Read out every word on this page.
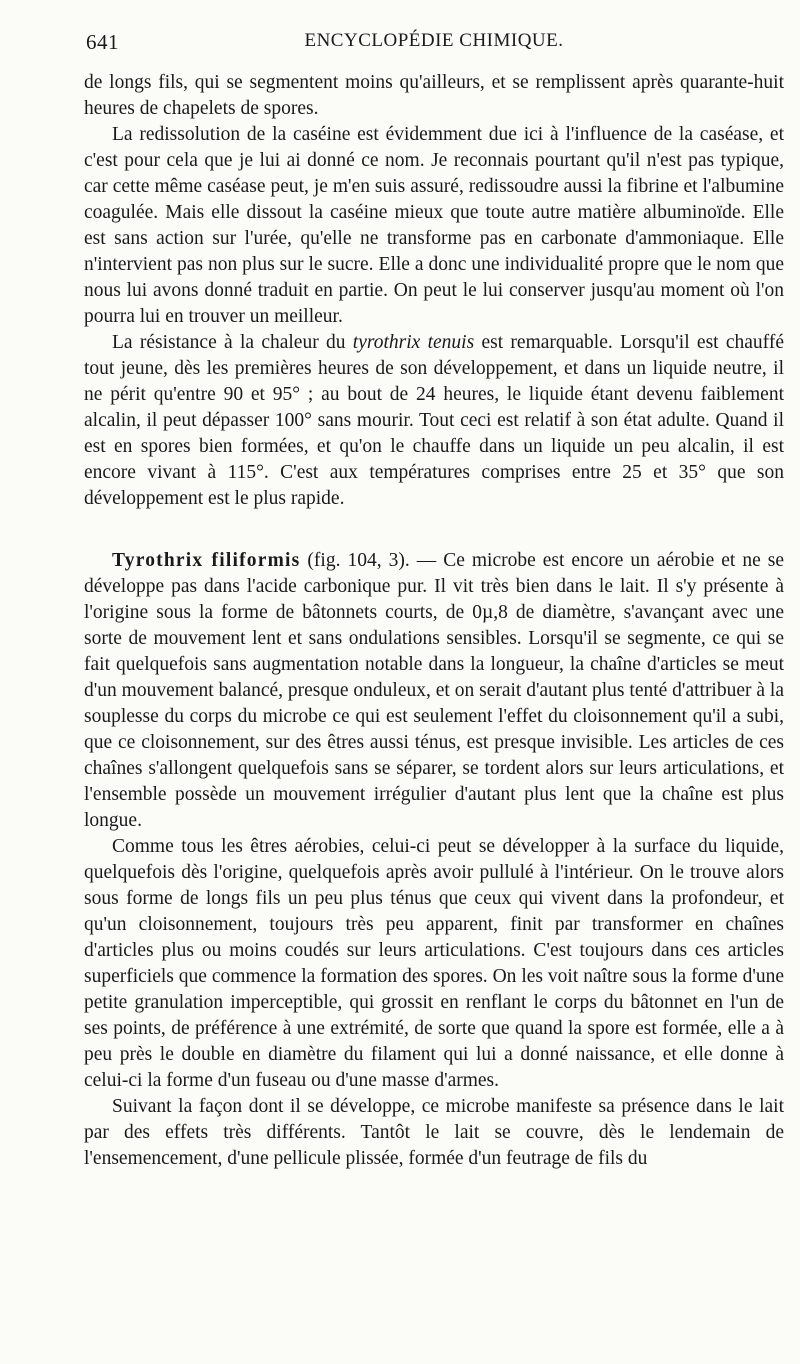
641	ENCYCLOPÉDIE CHIMIQUE.

de longs fils, qui se segmentent moins qu'ailleurs, et se remplissent après quarante-huit heures de chapelets de spores.

La redissolution de la caséine est évidemment due ici à l'influence de la caséase, et c'est pour cela que je lui ai donné ce nom. Je reconnais pourtant qu'il n'est pas typique, car cette même caséase peut, je m'en suis assuré, redissoudre aussi la fibrine et l'albumine coagulée. Mais elle dissout la caséine mieux que toute autre matière albuminoïde. Elle est sans action sur l'urée, qu'elle ne transforme pas en carbonate d'ammoniaque. Elle n'intervient pas non plus sur le sucre. Elle a donc une individualité propre que le nom que nous lui avons donné traduit en partie. On peut le lui conserver jusqu'au moment où l'on pourra lui en trouver un meilleur.

La résistance à la chaleur du tyrothrix tenuis est remarquable. Lorsqu'il est chauffé tout jeune, dès les premières heures de son développement, et dans un liquide neutre, il ne périt qu'entre 90 et 95° ; au bout de 24 heures, le liquide étant devenu faiblement alcalin, il peut dépasser 100° sans mourir. Tout ceci est relatif à son état adulte. Quand il est en spores bien formées, et qu'on le chauffe dans un liquide un peu alcalin, il est encore vivant à 115°. C'est aux températures comprises entre 25 et 35° que son développement est le plus rapide.

Tyrothrix filiformis (fig. 104, 3). — Ce microbe est encore un aérobie et ne se développe pas dans l'acide carbonique pur. Il vit très bien dans le lait. Il s'y présente à l'origine sous la forme de bâtonnets courts, de 0µ,8 de diamètre, s'avançant avec une sorte de mouvement lent et sans ondulations sensibles. Lorsqu'il se segmente, ce qui se fait quelquefois sans augmentation notable dans la longueur, la chaîne d'articles se meut d'un mouvement balancé, presque onduleux, et on serait d'autant plus tenté d'attribuer à la souplesse du corps du microbe ce qui est seulement l'effet du cloisonnement qu'il a subi, que ce cloisonnement, sur des êtres aussi ténus, est presque invisible. Les articles de ces chaînes s'allongent quelquefois sans se séparer, se tordent alors sur leurs articulations, et l'ensemble possède un mouvement irrégulier d'autant plus lent que la chaîne est plus longue.

Comme tous les êtres aérobies, celui-ci peut se développer à la surface du liquide, quelquefois dès l'origine, quelquefois après avoir pullulé à l'intérieur. On le trouve alors sous forme de longs fils un peu plus ténus que ceux qui vivent dans la profondeur, et qu'un cloisonnement, toujours très peu apparent, finit par transformer en chaînes d'articles plus ou moins coudés sur leurs articulations. C'est toujours dans ces articles superficiels que commence la formation des spores. On les voit naître sous la forme d'une petite granulation imperceptible, qui grossit en renflant le corps du bâtonnet en l'un de ses points, de préférence à une extrémité, de sorte que quand la spore est formée, elle a à peu près le double en diamètre du filament qui lui a donné naissance, et elle donne à celui-ci la forme d'un fuseau ou d'une masse d'armes.

Suivant la façon dont il se développe, ce microbe manifeste sa présence dans le lait par des effets très différents. Tantôt le lait se couvre, dès le lendemain de l'ensemencement, d'une pellicule plissée, formée d'un feutrage de fils du
